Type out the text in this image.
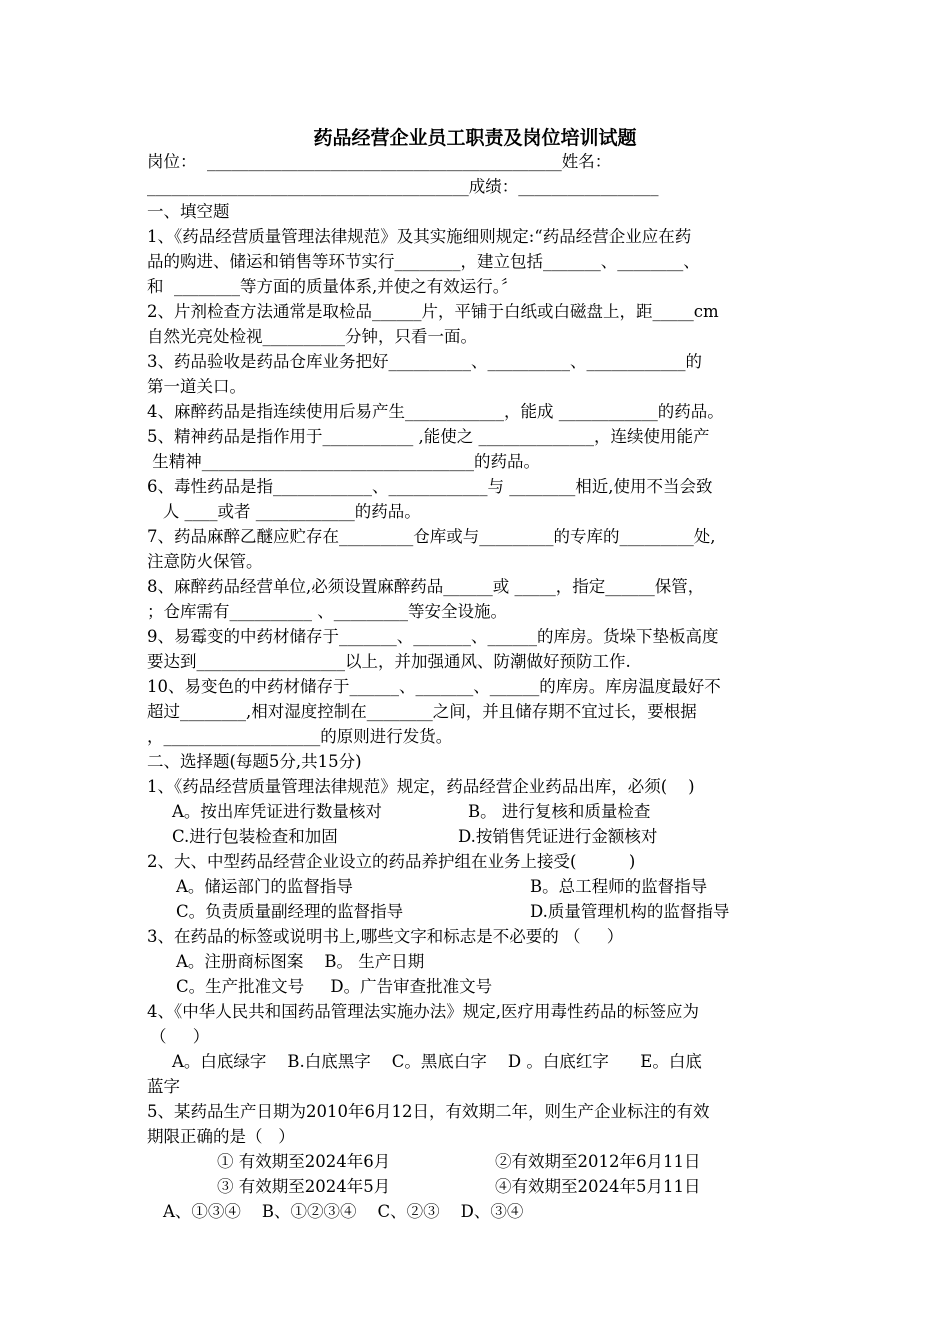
药品经营企业员工职责及岗位培训试题
岗位：  ___________________________________________姓名：
_______________________________________成绩：_________________
一、填空题
1、《药品经营质量管理法律规范》及其实施细则规定:“药品经营企业应在药
品的购进、储运和销售等环节实行________，建立包括_______、________、
和  ________等方面的质量体系,并使之有效运行。〞
2、片剂检查方法通常是取检品______片，平铺于白纸或白磁盘上，距_____cm
自然光亮处检视__________分钟，只看一面。
3、药品验收是药品仓库业务把好__________、__________、____________的
第一道关口。
4、麻醉药品是指连续使用后易产生____________，能成 ____________的药品。
5、精神药品是指作用于___________ ,能使之 ______________，连续使用能产
生精神_________________________________的药品。
6、毒性药品是指____________、____________与 ________相近,使用不当会致
人 ____或者 ____________的药品。
7、药品麻醉乙醚应贮存在_________仓库或与_________的专库的_________处,
注意防火保管。
8、麻醉药品经营单位,必须设置麻醉药品______或 _____，指定______保管，
；仓库需有__________ 、_________等安全设施。
9、易霉变的中药材储存于_______、_______、______的库房。货垛下垫板高度
要达到__________________以上，并加强通风、防潮做好预防工作.
10、易变色的中药材储存于______、_______、______的库房。库房温度最好不
超过________,相对湿度控制在________之间，并且储存期不宜过长，要根据
，___________________的原则进行发货。
二、选择题(每题5分,共15分)
1、《药品经营质量管理法律规范》规定，药品经营企业药品出库，必须(    )
A。按出库凭证进行数量核对	B。 进行复核和质量检查
C.进行包装检查和加固	D.按销售凭证进行金额核对
2、大、中型药品经营企业设立的药品养护组在业务上接受(          )
A。储运部门的监督指导	B。总工程师的监督指导
C。负责质量副经理的监督指导	D.质量管理机构的监督指导
3、在药品的标签或说明书上,哪些文字和标志是不必要的 （     ）
A。注册商标图案    B。 生产日期
C。生产批准文号     D。广告审查批准文号
4、《中华人民共和国药品管理法实施办法》规定,医疗用毒性药品的标签应为
（     ）
A。白底绿字    B.白底黑字    C。黑底白字    D 。白底红字      E。白底
蓝字
5、某药品生产日期为2010年6月12日，有效期二年，则生产企业标注的有效
期限正确的是（   ）
① 有效期至2024年6月	②有效期至2012年6月11日
③ 有效期至2024年5月	④有效期至2024年5月11日
A、①③④    B、①②③④    C、②③    D、③④
